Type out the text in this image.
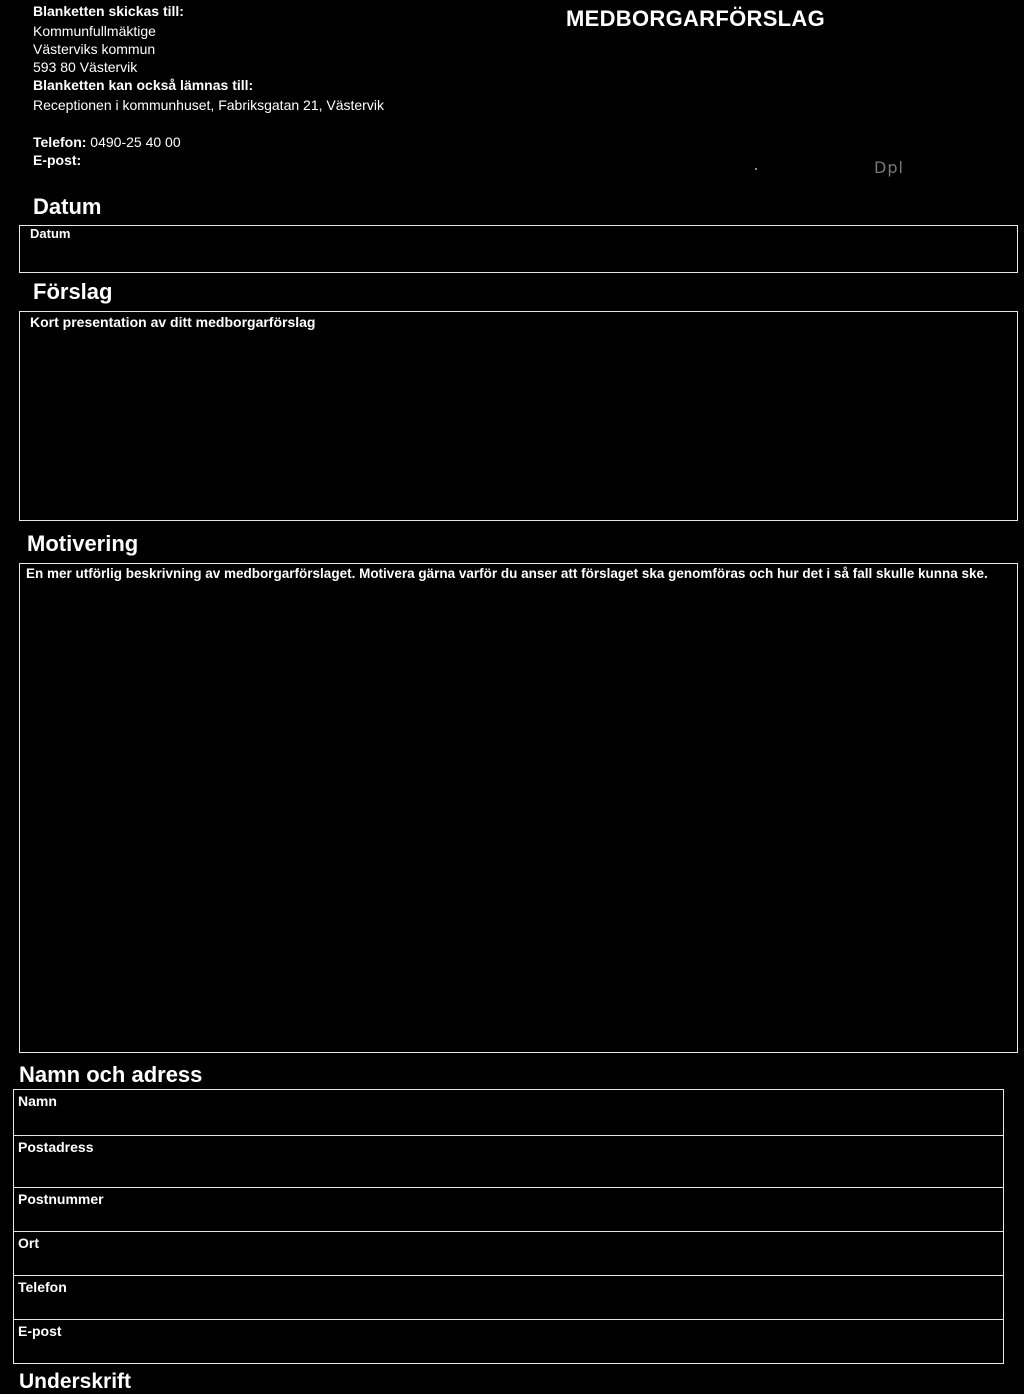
Blanketten skickas till:
Kommunfullmäktige
Västerviks kommun
593 80 Västervik
Blanketten kan också lämnas till:
Receptionen i kommunhuset, Fabriksgatan 21, Västervik
Telefon: 0490-25 40 00
E-post:
MEDBORGARFÖRSLAG
Dpl
Datum
Datum
Förslag
Kort presentation av ditt medborgarförslag
Motivering
En mer utförlig beskrivning av medborgarförslaget. Motivera gärna varför du anser att förslaget ska genomföras och hur det i så fall skulle kunna ske.
Namn och adress
Namn
Postadress
Postnummer
Ort
Telefon
E-post
Underskrift
